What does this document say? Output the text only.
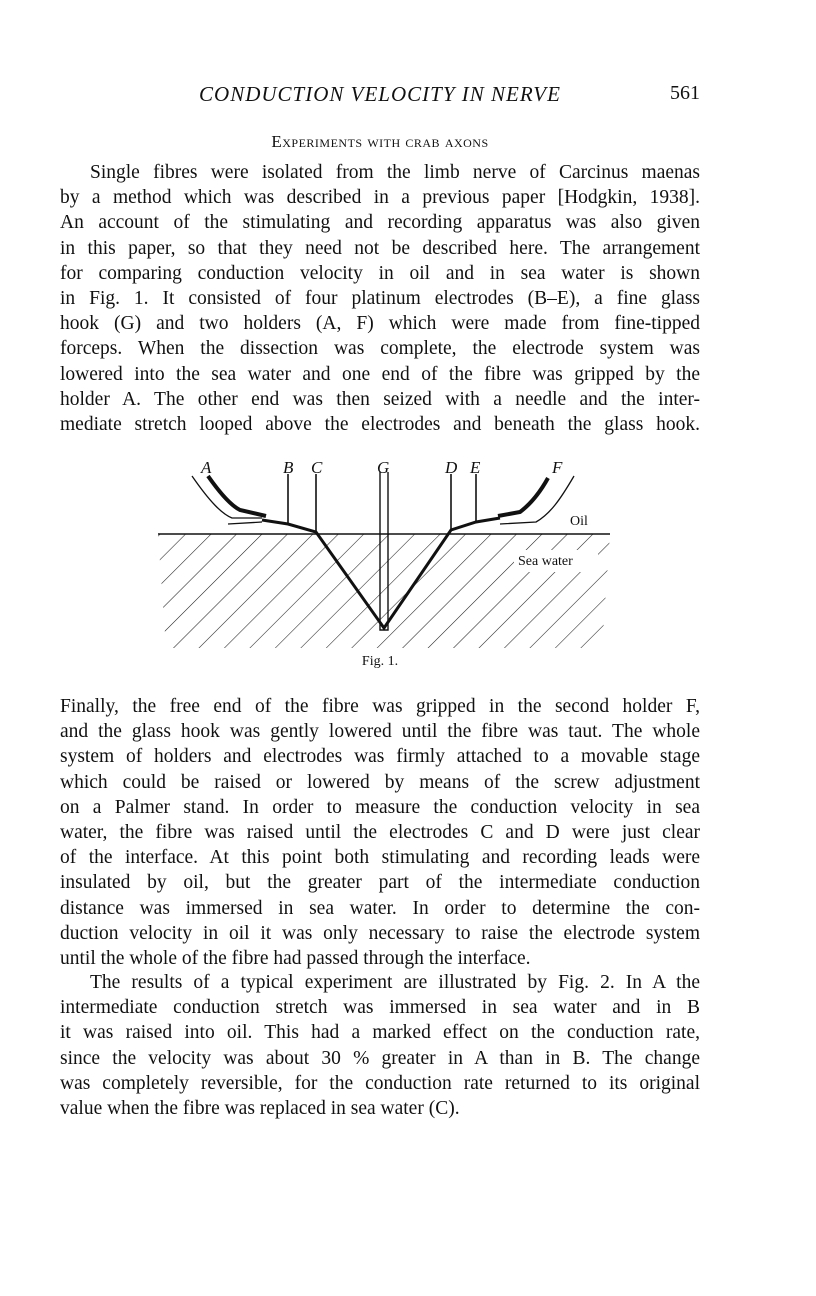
CONDUCTION VELOCITY IN NERVE	561
Experiments with crab axons
Single fibres were isolated from the limb nerve of Carcinus maenas
by a method which was described in a previous paper [Hodgkin, 1938].
An account of the stimulating and recording apparatus was also given
in this paper, so that they need not be described here. The arrangement
for comparing conduction velocity in oil and in sea water is shown
in Fig. 1. It consisted of four platinum electrodes (B–E), a fine glass
hook (G) and two holders (A, F) which were made from fine-tipped
forceps. When the dissection was complete, the electrode system was
lowered into the sea water and one end of the fibre was gripped by the
holder A. The other end was then seized with a needle and the inter-
mediate stretch looped above the electrodes and beneath the glass hook.
A	B C	G	D E	F
Oil
Sea water
Fig. 1.
Finally, the free end of the fibre was gripped in the second holder F,
and the glass hook was gently lowered until the fibre was taut. The whole
system of holders and electrodes was firmly attached to a movable stage
which could be raised or lowered by means of the screw adjustment
on a Palmer stand. In order to measure the conduction velocity in sea
water, the fibre was raised until the electrodes C and D were just clear
of the interface. At this point both stimulating and recording leads were
insulated by oil, but the greater part of the intermediate conduction
distance was immersed in sea water. In order to determine the con-
duction velocity in oil it was only necessary to raise the electrode system
until the whole of the fibre had passed through the interface.
The results of a typical experiment are illustrated by Fig. 2. In A the
intermediate conduction stretch was immersed in sea water and in B
it was raised into oil. This had a marked effect on the conduction rate,
since the velocity was about 30 % greater in A than in B. The change
was completely reversible, for the conduction rate returned to its original
value when the fibre was replaced in sea water (C).
